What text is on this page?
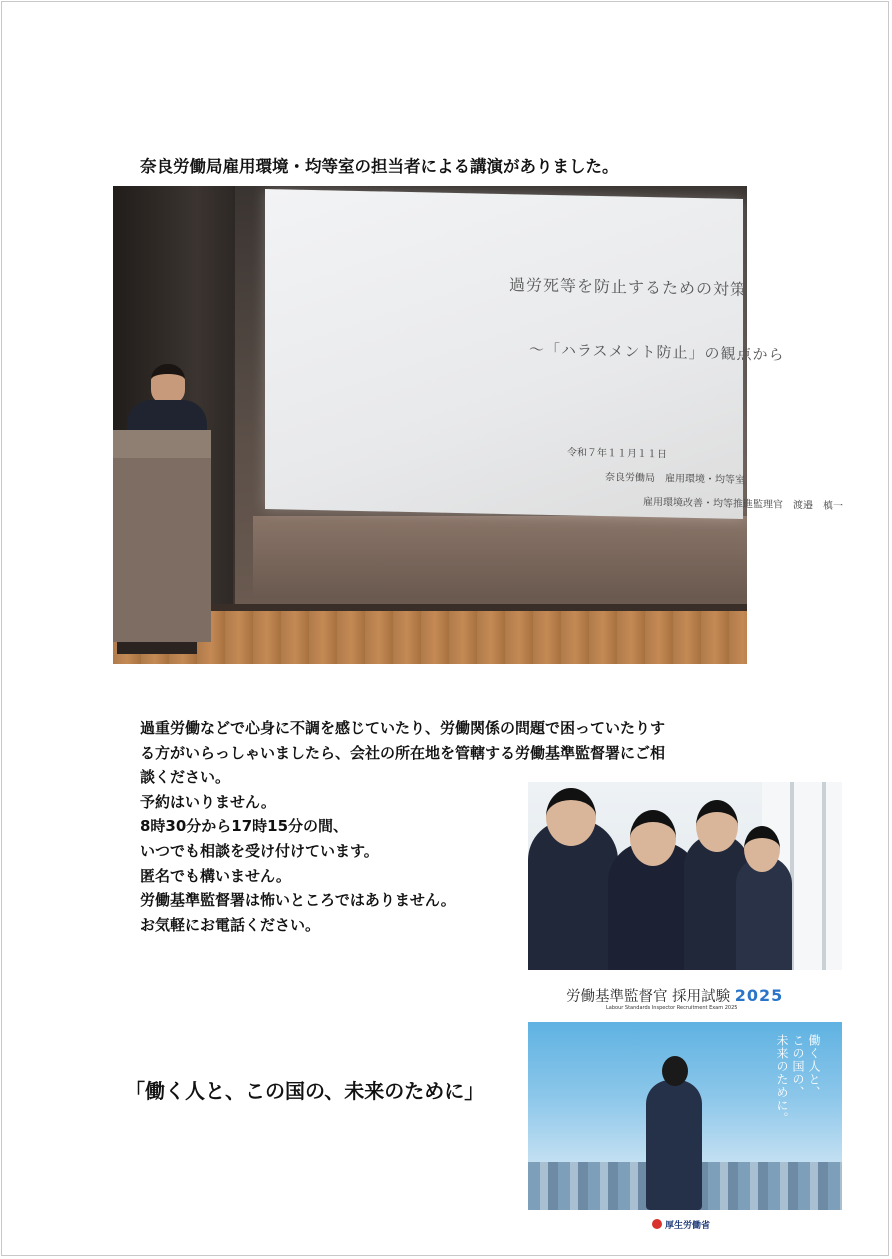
奈良労働局雇用環境・均等室の担当者による講演がありました。
過労死等を防止するための対策
～「ハラスメント防止」の観点から
令和７年１１月１１日
奈良労働局　雇用環境・均等室
雇用環境改善・均等推進監理官　渡邉　槙一
過重労働などで心身に不調を感じていたり、労働関係の問題で困っていたりす
る方がいらっしゃいましたら、会社の所在地を管轄する労働基準監督署にご相
談ください。
予約はいりません。
8時30分から17時15分の間、
いつでも相談を受け付けています。
匿名でも構いません。
労働基準監督署は怖いところではありません。
お気軽にお電話ください。
労働基準監督官 採用試験 2025
Labour Standards Inspector Recruitment Exam 2025
働く人と、
この国の、
未来のために。
厚生労働省
「働く人と、この国の、未来のために」
